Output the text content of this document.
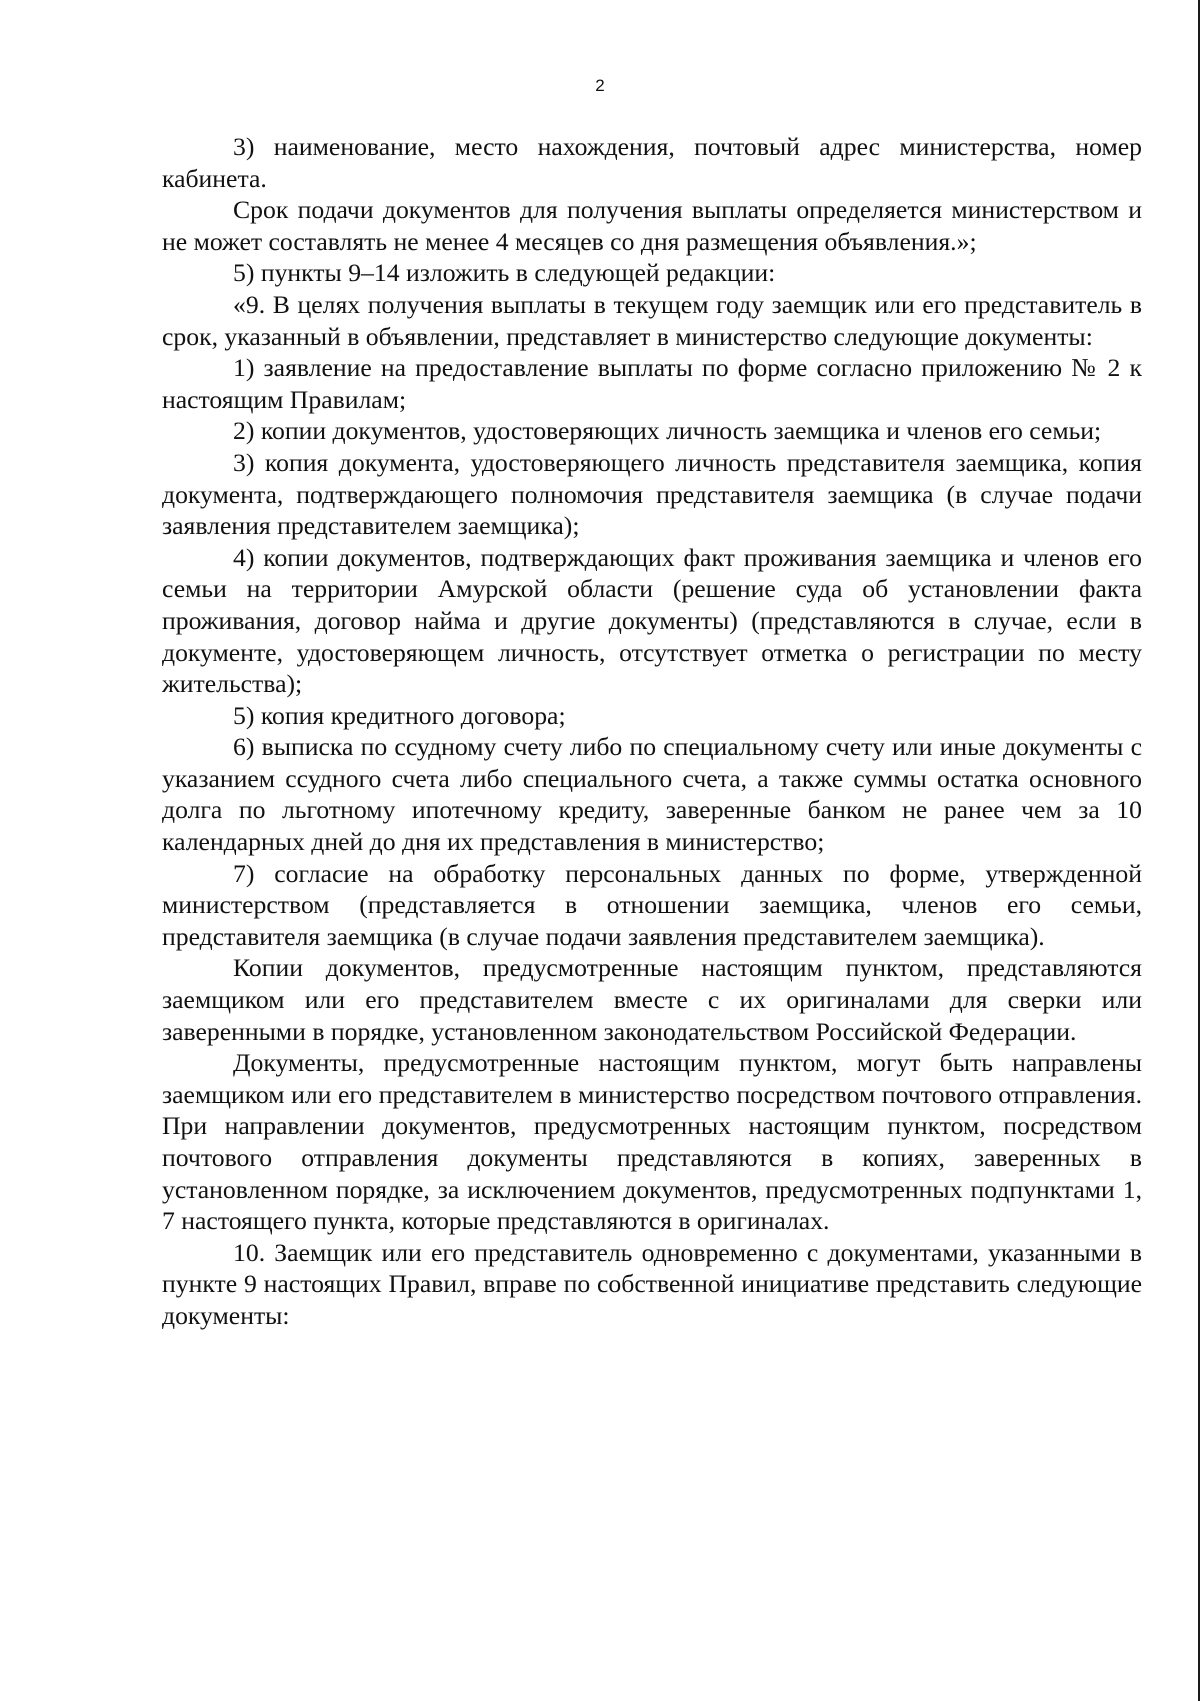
2

3) наименование, место нахождения, почтовый адрес министерства, номер кабинета.

Срок подачи документов для получения выплаты определяется министерством и не может составлять не менее 4 месяцев со дня размещения объявления.»;

5) пункты 9–14 изложить в следующей редакции:

«9. В целях получения выплаты в текущем году заемщик или его представитель в срок, указанный в объявлении, представляет в министерство следующие документы:

1) заявление на предоставление выплаты по форме согласно приложению № 2 к настоящим Правилам;

2) копии документов, удостоверяющих личность заемщика и членов его семьи;

3) копия документа, удостоверяющего личность представителя заемщика, копия документа, подтверждающего полномочия представителя заемщика (в случае подачи заявления представителем заемщика);

4) копии документов, подтверждающих факт проживания заемщика и членов его семьи на территории Амурской области (решение суда об установлении факта проживания, договор найма и другие документы) (представляются в случае, если в документе, удостоверяющем личность, отсутствует отметка о регистрации по месту жительства);

5) копия кредитного договора;

6) выписка по ссудному счету либо по специальному счету или иные документы с указанием ссудного счета либо специального счета, а также суммы остатка основного долга по льготному ипотечному кредиту, заверенные банком не ранее чем за 10 календарных дней до дня их представления в министерство;

7) согласие на обработку персональных данных по форме, утвержденной министерством (представляется в отношении заемщика, членов его семьи, представителя заемщика (в случае подачи заявления представителем заемщика).

Копии документов, предусмотренные настоящим пунктом, представляются заемщиком или его представителем вместе с их оригиналами для сверки или заверенными в порядке, установленном законодательством Российской Федерации.

Документы, предусмотренные настоящим пунктом, могут быть направлены заемщиком или его представителем в министерство посредством почтового отправления. При направлении документов, предусмотренных настоящим пунктом, посредством почтового отправления документы представляются в копиях, заверенных в установленном порядке, за исключением документов, предусмотренных подпунктами 1, 7 настоящего пункта, которые представляются в оригиналах.

10. Заемщик или его представитель одновременно с документами, указанными в пункте 9 настоящих Правил, вправе по собственной инициативе представить следующие документы:
